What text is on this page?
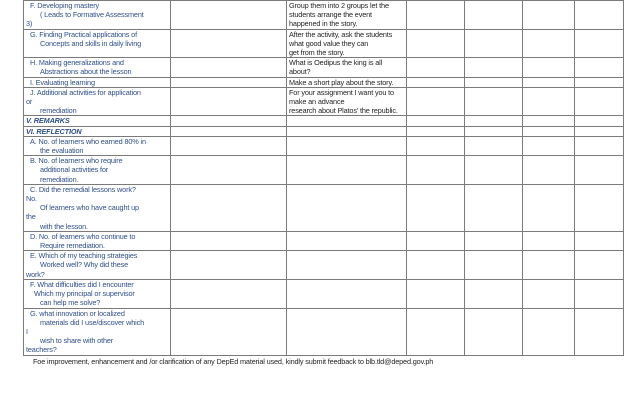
F. Developing mastery
( Leads to Formative Assessment
3)		Group them into 2 groups let the students arrange the event
happened in the story.				

G. Finding Practical applications of
Concepts and skills in daily living		After the activity, ask the students what good value they can
get from the story.				

H. Making generalizations and
Abstractions about the lesson		What is Oedipus the king is all about?				

I. Evaluating learning		Make a short play about the story.				

J. Additional activities for application
or
remediation		For your assignment I want you to make an advance
research about Platos' the republic.				

V. REMARKS						
VI. REFLECTION						

A. No. of learners who earned 80% in
the evaluation						

B. No. of learners who require
additional activities for
remediation.						

C. Did the remedial lessons work?
No.
Of learners who have caught up
the
with the lesson.						

D. No. of learners who continue to
Require remediation.						

E. Which of my teaching strategies
Worked well? Why did these
work?						

F. What difficulties did I encounter
Which my principal or supervisor
can help me solve?						

G. what innovation or localized
materials did I use/discover which
I
wish to share with other
teachers?						

Foe improvement, enhancement and /or clarification of any DepEd material used, kindly submit feedback to blb.tld@deped.gov.ph
